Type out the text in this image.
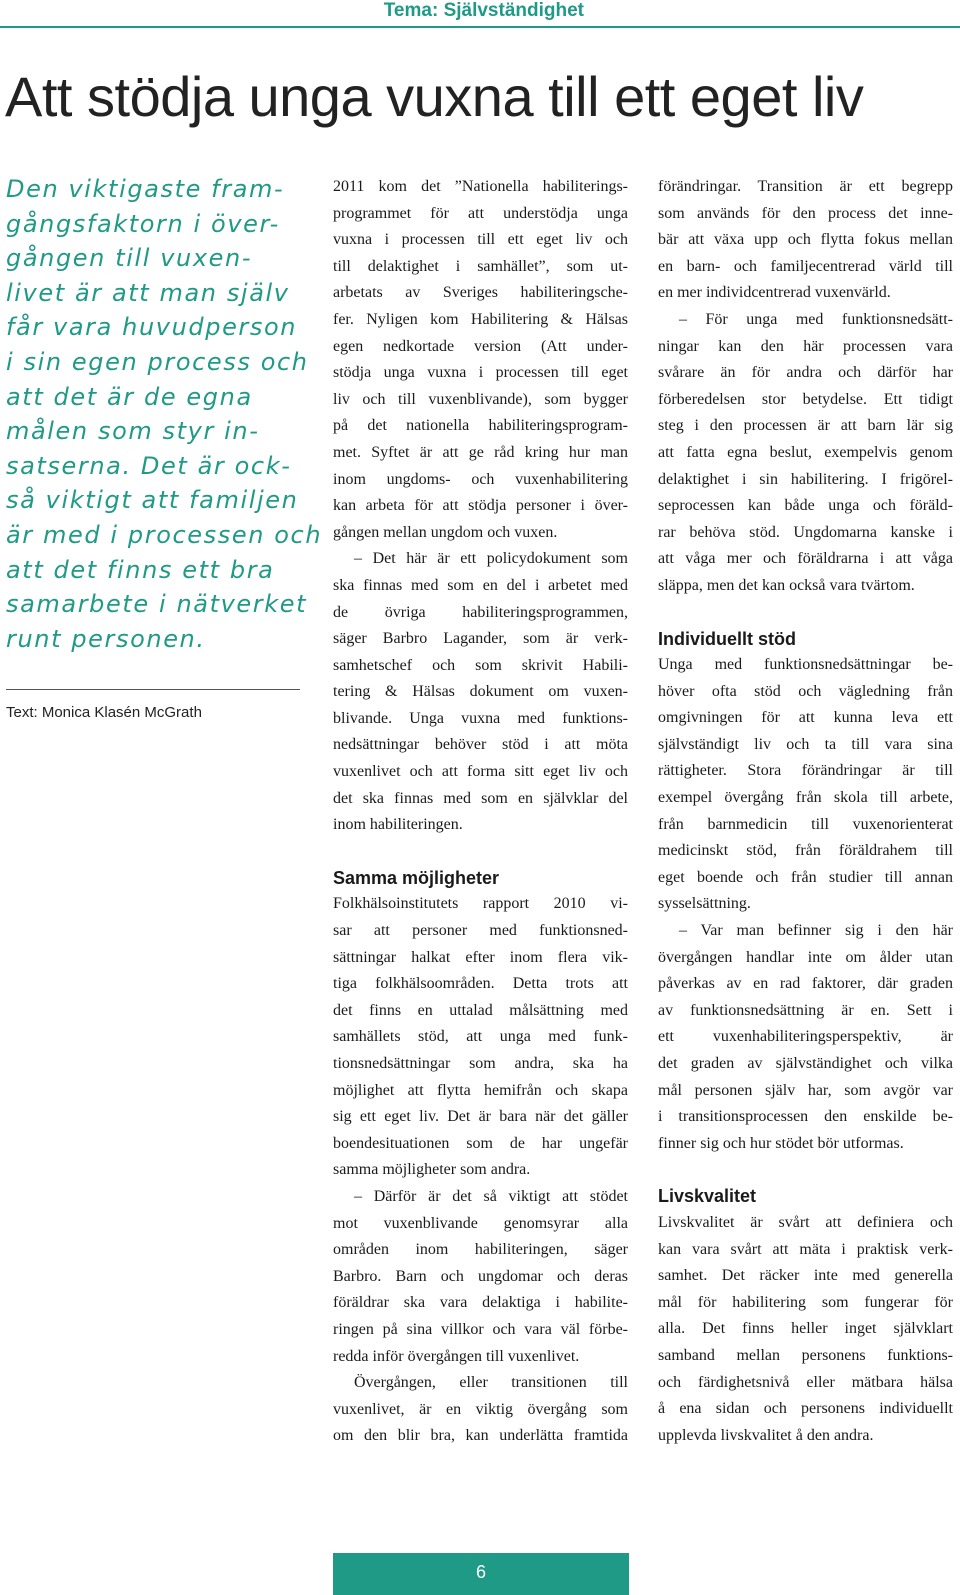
Tema: Självständighet
Att stödja unga vuxna till ett eget liv
Den viktigaste fram-
gångsfaktorn i över-
gången till vuxen-
livet är att man själv
får vara huvudperson
i sin egen process och
att det är de egna
målen som styr in-
satserna. Det är ock-
så viktigt att familjen
är med i processen och
att det finns ett bra
samarbete i nätverket
runt personen.
Text: Monica Klasén McGrath
2011 kom det ”Nationella habiliterings-
programmet för att understödja unga
vuxna i processen till ett eget liv och
till delaktighet i samhället”, som ut-
arbetats av Sveriges habiliteringsche-
fer. Nyligen kom Habilitering & Hälsas
egen nedkortade version (Att under-
stödja unga vuxna i processen till eget
liv och till vuxenblivande), som bygger
på det nationella habiliteringsprogram-
met. Syftet är att ge råd kring hur man
inom ungdoms- och vuxenhabilitering
kan arbeta för att stödja personer i över-
gången mellan ungdom och vuxen.
– Det här är ett policydokument som
ska finnas med som en del i arbetet med
de övriga habiliteringsprogrammen,
säger Barbro Lagander, som är verk-
samhetschef och som skrivit Habili-
tering & Hälsas dokument om vuxen-
blivande. Unga vuxna med funktions-
nedsättningar behöver stöd i att möta
vuxenlivet och att forma sitt eget liv och
det ska finnas med som en självklar del
inom habiliteringen.
Samma möjligheter
Folkhälsoinstitutets rapport 2010 vi-
sar att personer med funktionsned-
sättningar halkat efter inom flera vik-
tiga folkhälsoområden. Detta trots att
det finns en uttalad målsättning med
samhällets stöd, att unga med funk-
tionsnedsättningar som andra, ska ha
möjlighet att flytta hemifrån och skapa
sig ett eget liv. Det är bara när det gäller
boendesituationen som de har ungefär
samma möjligheter som andra.
– Därför är det så viktigt att stödet
mot vuxenblivande genomsyrar alla
områden inom habiliteringen, säger
Barbro. Barn och ungdomar och deras
föräldrar ska vara delaktiga i habilite-
ringen på sina villkor och vara väl förbe-
redda inför övergången till vuxenlivet.
Övergången, eller transitionen till
vuxenlivet, är en viktig övergång som
om den blir bra, kan underlätta framtida
förändringar. Transition är ett begrepp
som används för den process det inne-
bär att växa upp och flytta fokus mellan
en barn- och familjecentrerad värld till
en mer individcentrerad vuxenvärld.
– För unga med funktionsnedsätt-
ningar kan den här processen vara
svårare än för andra och därför har
förberedelsen stor betydelse. Ett tidigt
steg i den processen är att barn lär sig
att fatta egna beslut, exempelvis genom
delaktighet i sin habilitering. I frigörel-
seprocessen kan både unga och föräld-
rar behöva stöd. Ungdomarna kanske i
att våga mer och föräldrarna i att våga
släppa, men det kan också vara tvärtom.
Individuellt stöd
Unga med funktionsnedsättningar be-
höver ofta stöd och vägledning från
omgivningen för att kunna leva ett
självständigt liv och ta till vara sina
rättigheter. Stora förändringar är till
exempel övergång från skola till arbete,
från barnmedicin till vuxenorienterat
medicinskt stöd, från föräldrahem till
eget boende och från studier till annan
sysselsättning.
– Var man befinner sig i den här
övergången handlar inte om ålder utan
påverkas av en rad faktorer, där graden
av funktionsnedsättning är en. Sett i
ett vuxenhabiliteringsperspektiv, är
det graden av självständighet och vilka
mål personen själv har, som avgör var
i transitionsprocessen den enskilde be-
finner sig och hur stödet bör utformas.
Livskvalitet
Livskvalitet är svårt att definiera och
kan vara svårt att mäta i praktisk verk-
samhet. Det räcker inte med generella
mål för habilitering som fungerar för
alla. Det finns heller inget självklart
samband mellan personens funktions-
och färdighetsnivå eller mätbara hälsa
å ena sidan och personens individuellt
upplevda livskvalitet å den andra.
6
